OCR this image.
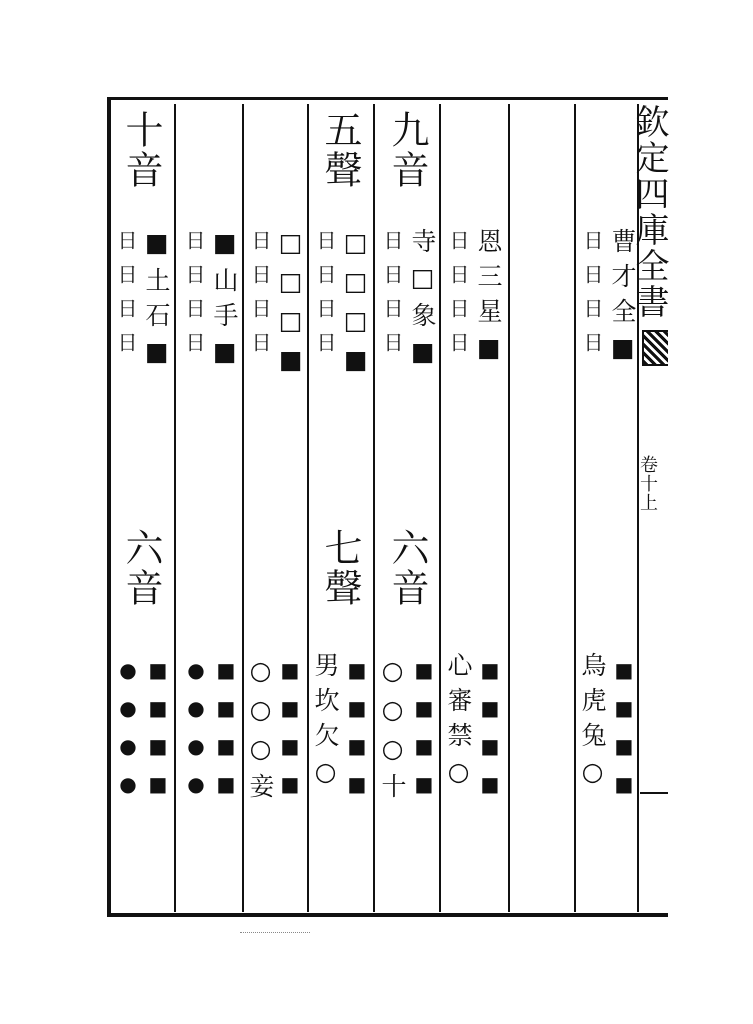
十音
日日日日 ■土石■
六音
●●●● ■■■■
日日日日 ■山手■
●●●● ■■■■
日日日日 □□□■
○○○妾 ■■■■
五聲
日日日日 □□□■
七聲
男坎欠○ ■■■■
九音
日日日日 寺□象■
六音
○○○十 ■■■■
日日日日 恩三星■
心審禁○ ■■■■
日日日日 曹才全■
烏虎兔○ ■■■■
欽定四庫全書
卷十上
